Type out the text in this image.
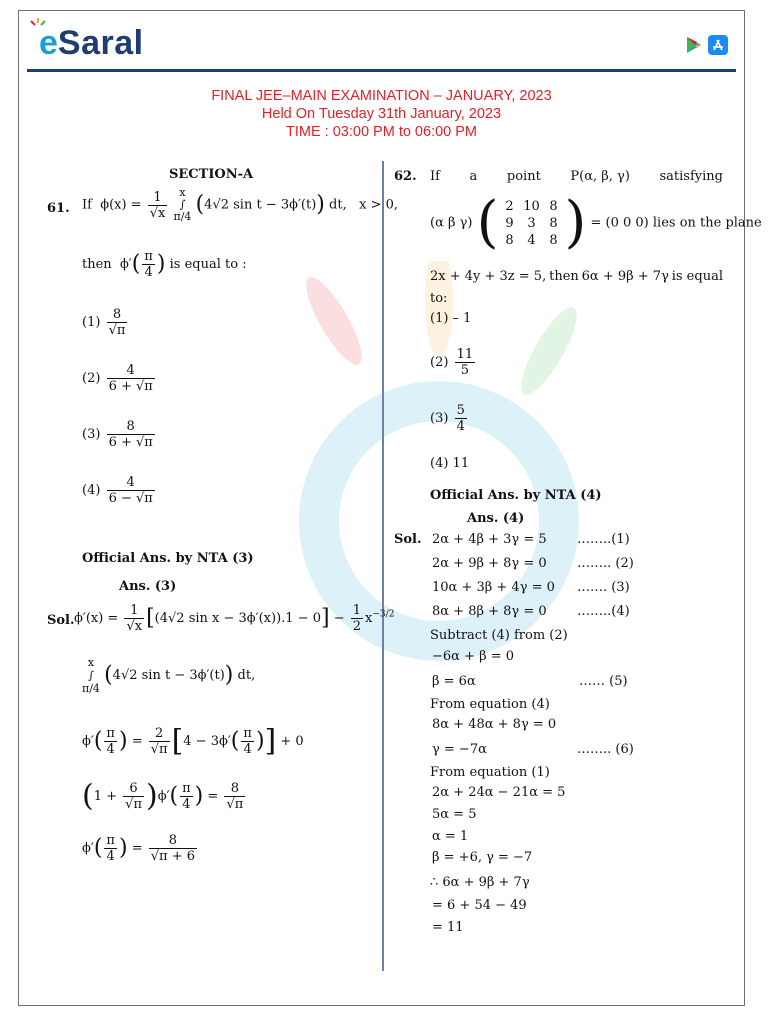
e Saral
FINAL JEE–MAIN EXAMINATION – JANUARY, 2023
Held On Tuesday 31th January, 2023
TIME : 03:00 PM to 06:00 PM
SECTION-A
61. If  $\phi(x) = \frac{1}{√x}$ x
∫
π/4 (4√2 sin t − 3ϕ′(t)) dt,   x > 0,
then  $\phi'( \frac{\pi}{4}$ ) is equal to :
$(1) \frac{8}{√\pi}$
$(2) \frac{4}{6 + √\pi}$
$(3) \frac{8}{6 + √\pi}$
$(4) \frac{4}{6 - √\pi}$
Official Ans. by NTA (3)
Ans. (3)
Sol. $\phi'(x) = \frac{1}{√x} [(4√2$ $\sin x - 3\phi'(x)).1 - 0] - \frac{1}{2} x^{-3/2}$
x
∫
π/4 (4√2 sin t − 3ϕ′(t)) dt,
$\phi'( \frac{\pi}{4}$ ) = $\frac{2}{√\pi} [4 - 3\phi'( \frac{\pi}{4}$ )] + 0
$(1 + \frac{6}{√\pi} )\phi'( \frac{\pi}{4}$ ) = $\frac{8}{√\pi}$
$\phi'( \frac{\pi}{4}$ ) = $\frac{8}{√\pi + 6}$
62. If a point P(α, β, γ) satisfying
(α β γ) ( 2 10 8
9	3	8
8	4	8 ) = (0 0 0) lies on the plane
2x + 4y + 3z = 5, then 6α + 9β + 7γ is equal
to:
(1) – 1
$(2) \frac{11}{5}$
$(3) \frac{5}{4}$
(4) 11
Official Ans. by NTA (4)
Ans. (4)
Sol. 2α + 4β + 3γ = 5 ……..(1)
2α + 9β + 8γ = 0 …….. (2)
10α + 3β + 4γ = 0 ……. (3)
8α + 8β + 8γ = 0 ……..(4)
Subtract (4) from (2)
−6α + β = 0
β = 6α	…… (5)
From equation (4)
8α + 48α + 8γ = 0
γ = −7α	…….. (6)
From equation (1)
2α + 24α − 21α = 5
5α = 5
α = 1
β = +6, γ = −7
∴ 6α + 9β + 7γ
= 6 + 54 − 49
= 11
